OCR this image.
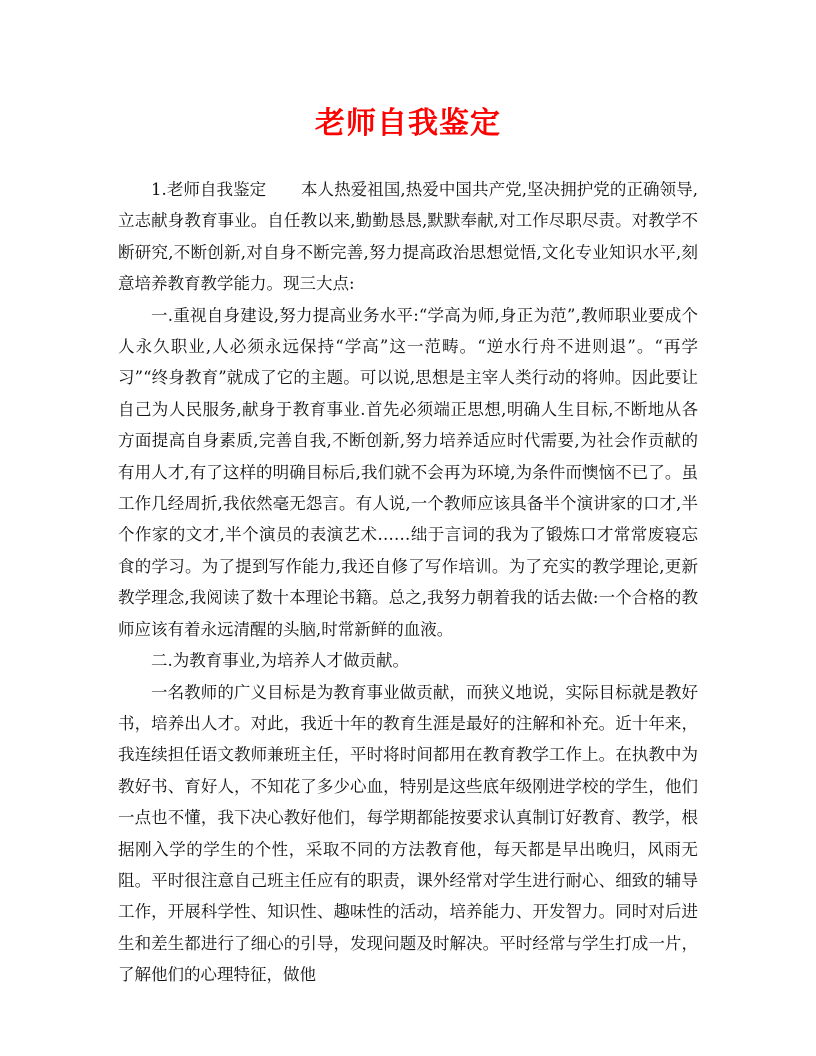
老师自我鉴定

1.老师自我鉴定 本人热爱祖国,热爱中国共产党,坚决拥护党的正确领导,立志献身教育事业。自任教以来,勤勤恳恳,默默奉献,对工作尽职尽责。对教学不断研究,不断创新,对自身不断完善,努力提高政治思想觉悟,文化专业知识水平,刻意培养教育教学能力。现三大点:

一.重视自身建设,努力提高业务水平:“学高为师,身正为范”,教师职业要成个人永久职业,人必须永远保持“学高”这一范畴。“逆水行舟不进则退”。“再学习”“终身教育”就成了它的主题。可以说,思想是主宰人类行动的将帅。因此要让自己为人民服务,献身于教育事业.首先必须端正思想,明确人生目标,不断地从各方面提高自身素质,完善自我,不断创新,努力培养适应时代需要,为社会作贡献的有用人才,有了这样的明确目标后,我们就不会再为环境,为条件而懊恼不已了。虽工作几经周折,我依然毫无怨言。有人说,一个教师应该具备半个演讲家的口才,半个作家的文才,半个演员的表演艺术……绌于言词的我为了锻炼口才常常废寝忘食的学习。为了提到写作能力,我还自修了写作培训。为了充实的教学理论,更新教学理念,我阅读了数十本理论书籍。总之,我努力朝着我的话去做:一个合格的教师应该有着永远清醒的头脑,时常新鲜的血液。

二.为教育事业,为培养人才做贡献。

一名教师的广义目标是为教育事业做贡献，而狭义地说，实际目标就是教好书，培养出人才。对此，我近十年的教育生涯是最好的注解和补充。近十年来，我连续担任语文教师兼班主任，平时将时间都用在教育教学工作上。在执教中为教好书、育好人，不知花了多少心血，特别是这些底年级刚进学校的学生，他们一点也不懂，我下决心教好他们，每学期都能按要求认真制订好教育、教学，根据刚入学的学生的个性，采取不同的方法教育他，每天都是早出晚归，风雨无阻。平时很注意自己班主任应有的职责，课外经常对学生进行耐心、细致的辅导工作，开展科学性、知识性、趣味性的活动，培养能力、开发智力。同时对后进生和差生都进行了细心的引导，发现问题及时解决。平时经常与学生打成一片，了解他们的心理特征，做他
